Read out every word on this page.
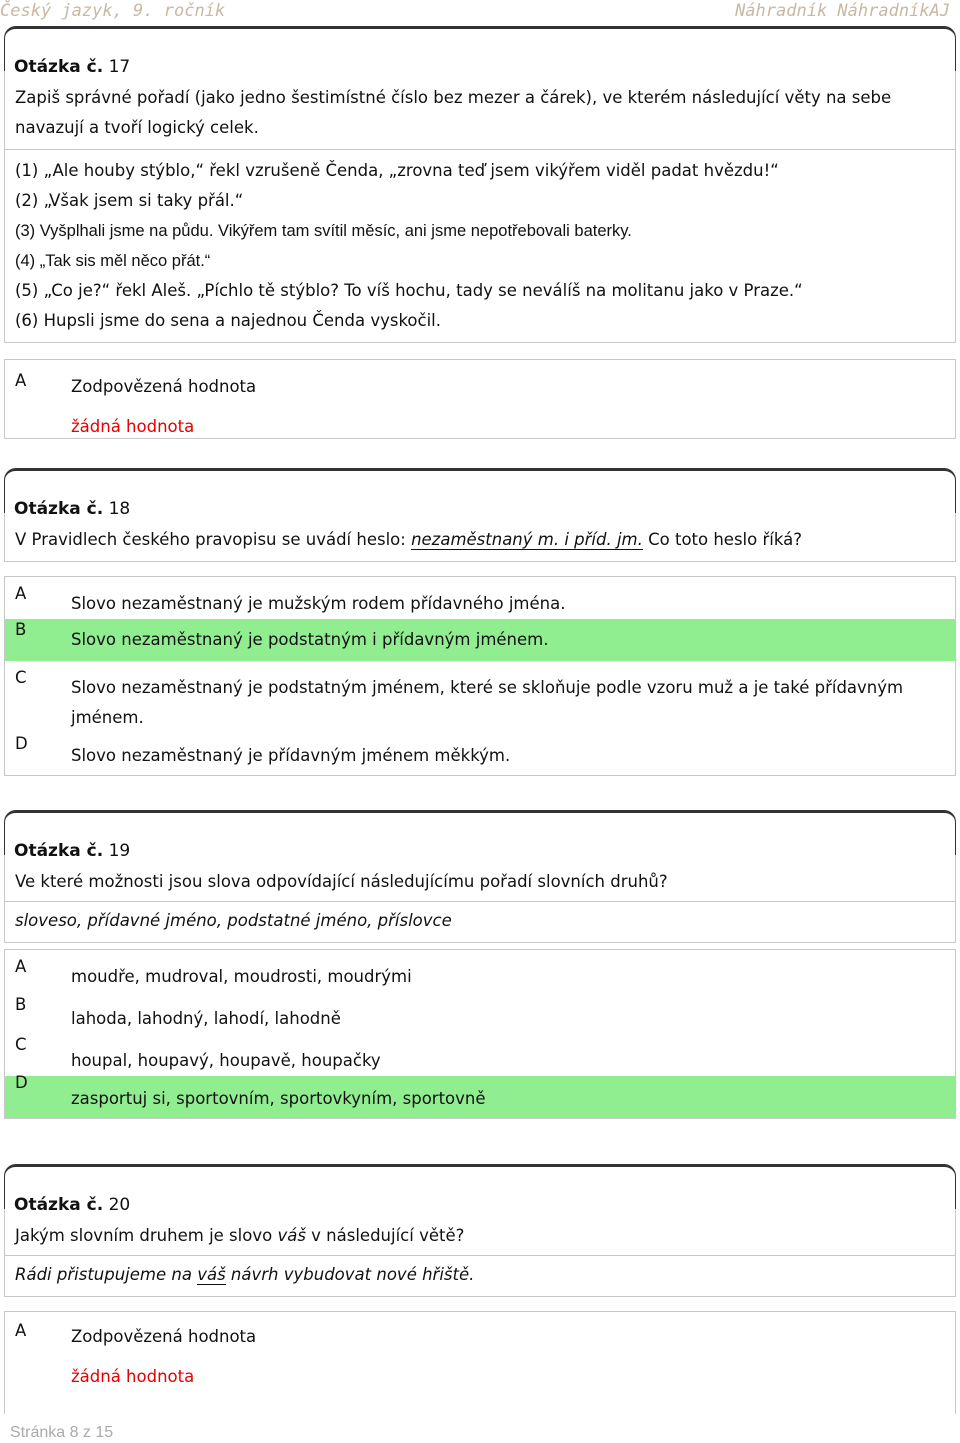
Český jazyk, 9. ročník	Náhradník NáhradníkAJ
Otázka č. 17
Zapiš správné pořadí (jako jedno šestimístné číslo bez mezer a čárek), ve kterém následující věty na sebe navazují a tvoří logický celek.
(1) „Ale houby stýblo,“ řekl vzrušeně Čenda, „zrovna teď jsem vikýřem viděl padat hvězdu!“
(2) „Však jsem si taky přál.“
(3) Vyšplhali jsme na půdu. Vikýřem tam svítil měsíc, ani jsme nepotřebovali baterky.
(4) „Tak sis měl něco přát.“
(5) „Co je?“ řekl Aleš. „Píchlo tě stýblo? To víš hochu, tady se neválíš na molitanu jako v Praze.“
(6) Hupsli jsme do sena a najednou Čenda vyskočil.
A	Zodpovězená hodnota
žádná hodnota
Otázka č. 18
V Pravidlech českého pravopisu se uvádí heslo: nezaměstnaný m. i příd. jm. Co toto heslo říká?
A
Slovo nezaměstnaný je mužským rodem přídavného jména.
B
Slovo nezaměstnaný je podstatným i přídavným jménem.
C
Slovo nezaměstnaný je podstatným jménem, které se skloňuje podle vzoru muž a je také přídavným jménem.
D
Slovo nezaměstnaný je přídavným jménem měkkým.
Otázka č. 19
Ve které možnosti jsou slova odpovídající následujícímu pořadí slovních druhů?
sloveso, přídavné jméno, podstatné jméno, příslovce
A
moudře, mudroval, moudrosti, moudrými
B
lahoda, lahodný, lahodí, lahodně
C
houpal, houpavý, houpavě, houpačky
D
zasportuj si, sportovním, sportovkyním, sportovně
Otázka č. 20
Jakým slovním druhem je slovo váš v následující větě?
Rádi přistupujeme na váš návrh vybudovat nové hřiště.
A	Zodpovězená hodnota
žádná hodnota
Stránka 8 z 15
